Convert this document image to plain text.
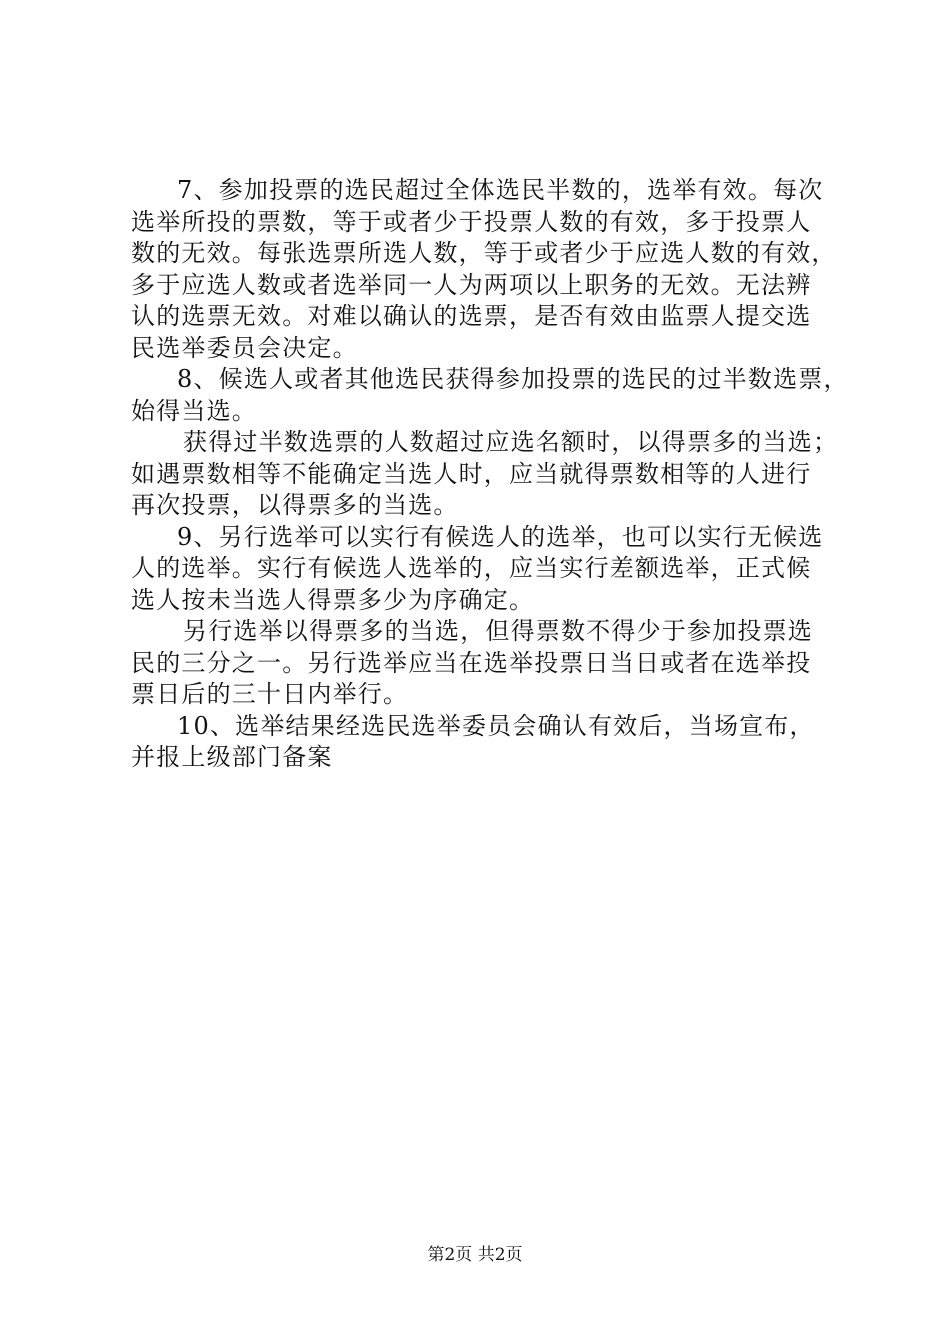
7、参加投票的选民超过全体选民半数的，选举有效。每次
选举所投的票数，等于或者少于投票人数的有效，多于投票人
数的无效。每张选票所选人数，等于或者少于应选人数的有效，
多于应选人数或者选举同一人为两项以上职务的无效。无法辨
认的选票无效。对难以确认的选票，是否有效由监票人提交选
民选举委员会决定。
8、候选人或者其他选民获得参加投票的选民的过半数选票，
始得当选。
获得过半数选票的人数超过应选名额时，以得票多的当选；
如遇票数相等不能确定当选人时，应当就得票数相等的人进行
再次投票，以得票多的当选。
9、另行选举可以实行有候选人的选举，也可以实行无候选
人的选举。实行有候选人选举的，应当实行差额选举，正式候
选人按未当选人得票多少为序确定。
另行选举以得票多的当选，但得票数不得少于参加投票选
民的三分之一。另行选举应当在选举投票日当日或者在选举投
票日后的三十日内举行。
10、选举结果经选民选举委员会确认有效后，当场宣布，
并报上级部门备案
第2页 共2页
